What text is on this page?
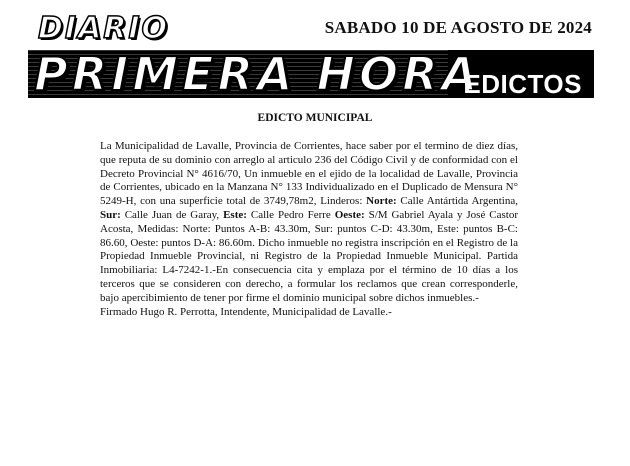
DIARIO
PRIMERA HORA
SABADO 10 DE AGOSTO DE 2024
EDICTOS
EDICTO MUNICIPAL

La Municipalidad de Lavalle, Provincia de Corrientes, hace saber por el termino de diez días, que reputa de su dominio con arreglo al articulo 236 del Código Civil y de conformidad con el Decreto Provincial N° 4616/70, Un inmueble en el ejido de la localidad de Lavalle, Provincia de Corrientes, ubicado en la Manzana N° 133 Individualizado en el Duplicado de Mensura N° 5249-H, con una superficie total de 3749,78m2, Linderos: Norte: Calle Antártida Argentina, Sur: Calle Juan de Garay, Este: Calle Pedro Ferre Oeste: S/M Gabriel Ayala y José Castor Acosta, Medidas: Norte: Puntos A-B: 43.30m, Sur: puntos C-D: 43.30m, Este: puntos B-C: 86.60, Oeste: puntos D-A: 86.60m. Dicho inmueble no registra inscripción en el Registro de la Propiedad Inmueble Provincial, ni Registro de la Propiedad Inmueble Municipal. Partida Inmobiliaria: L4-7242-1.-En consecuencia cita y emplaza por el término de 10 días a los terceros que se consideren con derecho, a formular los reclamos que crean corresponderle, bajo apercibimiento de tener por firme el dominio municipal sobre dichos inmuebles.-

Firmado Hugo R. Perrotta, Intendente, Municipalidad de Lavalle.-
